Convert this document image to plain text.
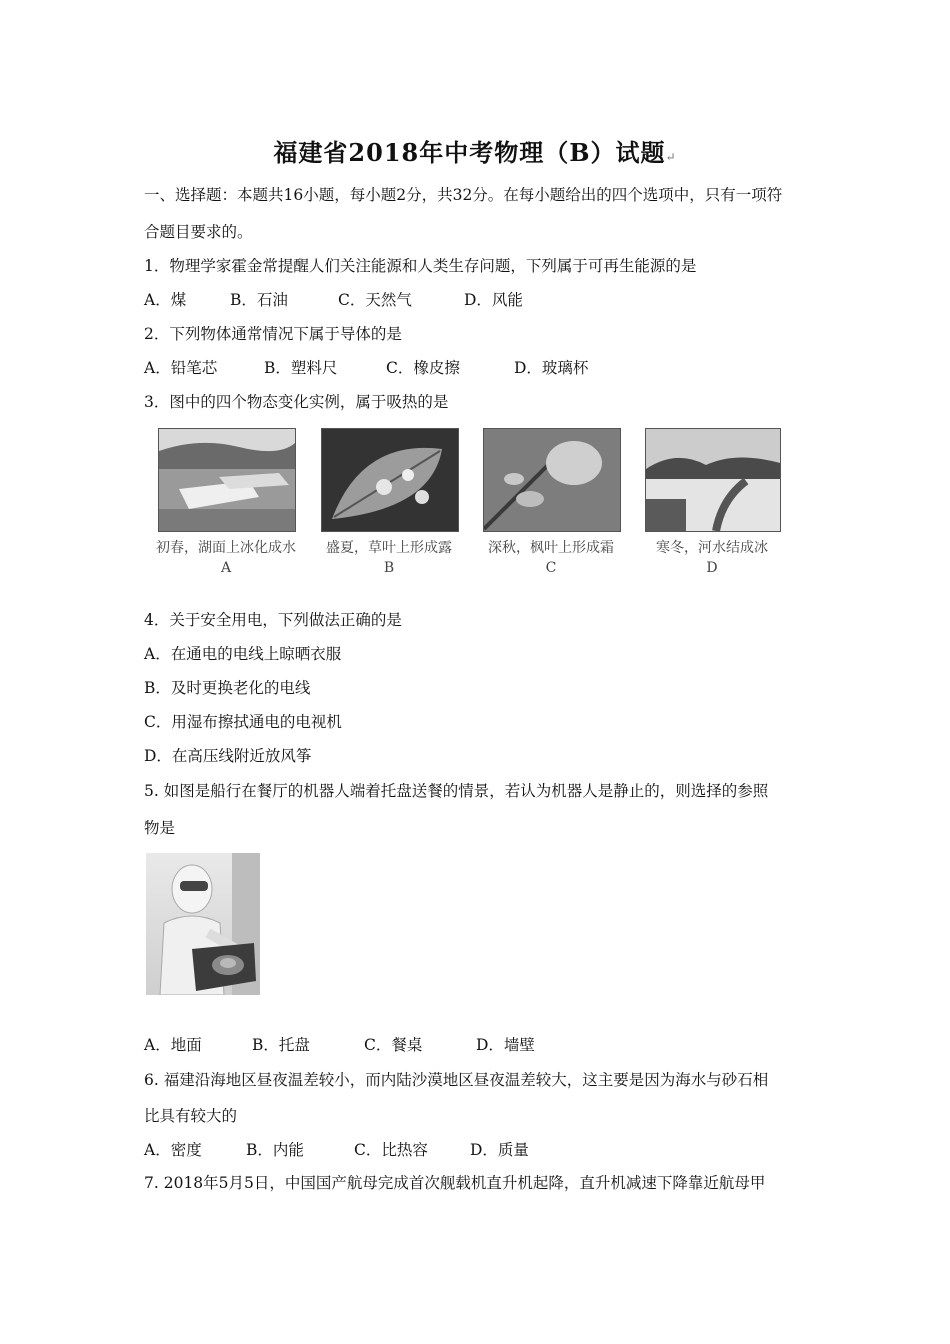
福建省2018年中考物理（B）试题↵
一、选择题：本题共16小题，每小题2分，共32分。在每小题给出的四个选项中，只有一项符
合题目要求的。
1．物理学家霍金常提醒人们关注能源和人类生存问题，下列属于可再生能源的是
A．煤	B．石油	C．天然气	D．风能
2．下列物体通常情况下属于导体的是
A．铅笔芯	B．塑料尺	C．橡皮擦	D．玻璃杯
3．图中的四个物态变化实例，属于吸热的是
初春，湖面上冰化成水
A
盛夏，草叶上形成露
B
深秋，枫叶上形成霜
C
寒冬，河水结成冰
D
4．关于安全用电，下列做法正确的是
A．在通电的电线上晾晒衣服
B．及时更换老化的电线
C．用湿布擦拭通电的电视机
D．在高压线附近放风筝
5. 如图是船行在餐厅的机器人端着托盘送餐的情景，若认为机器人是静止的，则选择的参照
物是
A．地面	B．托盘	C．餐桌	D．墙壁
6. 福建沿海地区昼夜温差较小，而内陆沙漠地区昼夜温差较大，这主要是因为海水与砂石相
比具有较大的
A．密度	B．内能	C．比热容	D．质量
7. 2018年5月5日，中国国产航母完成首次舰载机直升机起降，直升机减速下降靠近航母甲
